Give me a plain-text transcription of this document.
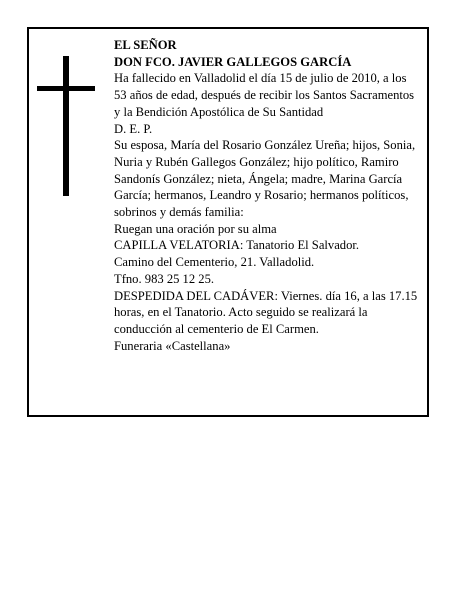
EL SEÑOR

DON FCO. JAVIER GALLEGOS GARCÍA

Ha fallecido en Valladolid el día 15 de julio de 2010, a los 53 años de edad, después de recibir los Santos Sacramentos y la Bendición Apostólica de Su Santidad

D. E. P.

Su esposa, María del Rosario González Ureña; hijos, Sonia, Nuria y Rubén Gallegos González; hijo político, Ramiro Sandonís González; nieta, Ángela; madre, Marina García García; hermanos, Leandro y Rosario; hermanos políticos, sobrinos y demás familia:

Ruegan una oración por su alma

CAPILLA VELATORIA: Tanatorio El Salvador.

Camino del Cementerio, 21. Valladolid.

Tfno. 983 25 12 25.

DESPEDIDA DEL CADÁVER: Viernes. día 16, a las 17.15 horas, en el Tanatorio. Acto seguido se realizará la conducción al cementerio de El Carmen.

Funeraria «Castellana»
